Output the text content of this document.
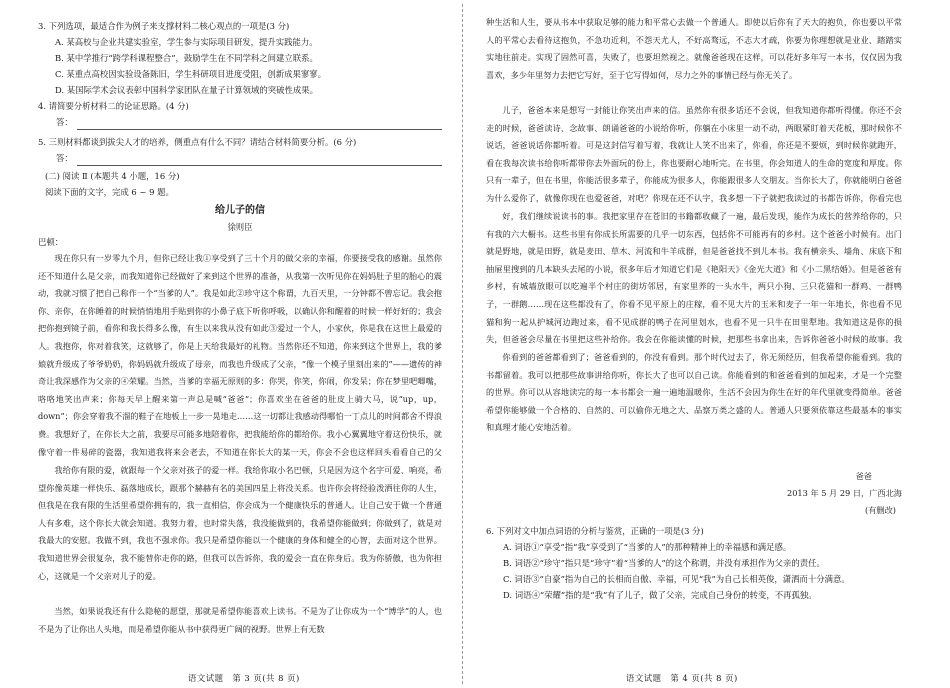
3. 下列选项，最适合作为例子来支撑材料二核心观点的一项是(3 分)
A. 某高校与企业共建实验室，学生参与实际项目研发，提升实践能力。
B. 某中学推行“跨学科课程整合”，鼓励学生在不同学科之间建立联系。
C. 某重点高校因实验设备陈旧，学生科研项目进度受阻，创新成果寥寥。
D. 某国际学术会议表彰中国科学家团队在量子计算领域的突破性成果。
4. 请简要分析材料二的论证思路。(4 分)
答：
5. 三则材料都谈到拔尖人才的培养，侧重点有什么不同？请结合材料简要分析。(6 分)
答：
(二) 阅读 Ⅱ (本题共 4 小题，16 分)
阅读下面的文字，完成 6 ~ 9 题。
给儿子的信
徐则臣
巴顿：

现在你只有一岁零九个月，但你已经让我①享受到了三十个月的做父亲的幸福，你要接受我的感谢。虽然你还不知道什么是父亲，而我知道你已经做好了来到这个世界的准备，从我第一次听见你在妈妈肚子里的胎心的震动，我就习惯了把自己称作一个“当爹的人”。我是如此②珍守这个称谓，九百天里，一分钟都不曾忘记。我会抱你、亲你，在你睡着的时候悄悄地用手贴到你的小鼻子底下听你呼吸，以确认你和醒着的时候一样好好的；我会把你抱到镜子前，看你和我长得多么像，有生以来我从没有如此③爱过一个人，小家伙，你是我在这世上最爱的人。我抱你，你对着我笑，这就够了，你是上天给我最好的礼物。当然你还不知道，你来到这个世界上，我的爹娘就升级成了爷爷奶奶，你妈妈就升级成了母亲，而我也升级成了父亲，“像一个模子里刻出来的”——遗传的神奇让我深感作为父亲的④荣耀。当然，当爹的幸福无原则的多：你哭，你笑，你闹，你发呆；你在梦里吧唧嘴，咯咯地笑出声来；你每天早上醒来第一声总是喊“爸爸”；你喜欢坐在爸爸的肚皮上骑大马，说“up，up，down”；你会穿着我不溜的鞋子在地板上一步一晃地走……这一切都让我感动得哪怕一丁点儿的时间都舍不得浪费。我想好了，在你长大之前，我要尽可能多地陪着你，把我能给你的都给你。我小心翼翼地守着这份快乐，就像守着一件易碎的瓷器，我知道我将来会老去，不知道在你长大的某一天，你会不会也这样回头看看自己的父

我给你有限的爱，就跟每一个父亲对孩子的爱一样。我给你取小名巴顿，只是因为这个名字可爱、响亮，希望你像英雄一样快乐、磊落地成长，跟那个赫赫有名的美国四星上将没关系。也许你会将经验泼洒往你的人生，但我是在我有限的生活里希望你拥有的，我一直相信，你会成为一个健康快乐的普通人。让自己安于做一个普通人有多难，这个你长大就会知道。我努力着，也时常失落，我没能做到的，我希望你能做到；你做到了，就是对我最大的安慰。我做不到，我也不强求你。我只是希望你能以一个健康的身体和健全的心智，去面对这个世界。我知道世界会很复杂，我不能替你走你的路，但我可以告诉你，我的爱会一直在你身后。我为你骄傲，也为你担心，这就是一个父亲对儿子的爱。

当然，如果说我还有什么隐秘的愿望，那就是希望你能喜欢上读书。不是为了让你成为一个“博学”的人，也不是为了让你出人头地，而是希望你能从书中获得更广阔的视野。世界上有无数

语文试题　第 3 页(共 8 页)

种生活和人生，要从书本中获取足够的能力和平常心去做一个普通人。即使以后你有了天大的抱负，你也要以平常人的平常心去看待这抱负，不急功近利，不怨天尤人，不好高骛远，不志大才疏，你要为你理想就是业业、踏踏实实地往前走。实现了固然可喜，失败了，也要坦然视之。就像爸爸现在这样，可以花好多年写一本书，仅仅因为我喜欢，多少年里努力去把它写好，至于它写得如何，尽力之外的事情已经与你无关了。

儿子，爸爸本来是想写一封能让你笑出声来的信。虽然你有很多话还不会说，但我知道你都听得懂。你还不会走的时候，爸爸读诗、念故事、朗诵爸爸的小说给你听，你躺在小床里一动不动，两眼紧盯着天花板，那时候你不说话，爸爸说话你都听着。可是这封信写着写着，我就让人笑不出来了，你看，你还是不要烦，到时候你就跑开，看在我每次读书给你听都带你去外面玩的份上，你也要耐心地听完。在书里，你会知道人的生命的宽度和厚度。你只有一辈子，但在书里，你能活很多辈子，你能成为很多人，你能跟很多人交朋友。当你长大了，你就能明白爸爸为什么爱你了，就像你现在也爱爸爸，对吧？你现在还不认字，我多想一下子就把我读过的书都告诉你，你看完也

好，我们继续说读书的事。我把家里存在苍旧的书籍都收藏了一遍，最后发现，能作为成长的营养给你的，只有我的六大橱书。这些书里有你成长所需要的几乎一切东西，包括你不可能再有的乡村。这个爸爸小时候有。出门就是野地，就是田野，就是麦田、草木、河流和牛羊成群，但是爸爸找不到儿本书。我有横亲头、墙角、床底下和抽屉里搜到的几本缺头去尾的小说，很多年后才知道它们是《艳阳天》《金光大道》和《小二黑结婚》。但是爸爸有乡村，有城墙放眼可以吃遍半个村庄的街坊邻居，有家里养的一头水牛，两只小狗、三只花猫和一群鸡、一群鸭子，一群鹅……现在这些都没有了，你看不见平原上的庄稼，看不见大片的玉米和麦子一年一年地长，你也看不见猫和狗一起从护城河边跑过来，看不见成群的鸭子在河里划水，也看不见一只牛在田里犁地。我知道这是你的损失，但爸爸会尽量在书里把这些补给你。我会在你能读懂的时候，把那些书拿出来，告诉你爸爸小时候的故事。我

你看到的爸爸都看到了；爸爸看到的，你没有看到。那个时代过去了，你无须经历，但我希望你能看到。我的书都留着。我可以把那些故事讲给你听，你长大了也可以自己读。你能看到的和爸爸看到的加起来，才是一个完整的世界。你可以从容地读完的每一本书都会一遍一遍地温暖你，生活不会因为你生在好的年代里就变得简单。爸爸希望你能够做一个合格的、自然的、可以偷你无地之大、品察万类之盛的人。普通人只要须依靠这些最基本的事实和真理才能心安地活着。

爸爸
2013 年 5 月 29 日，广西北海
(有删改)
6. 下列对文中加点词语的分析与鉴赏，正确的一项是(3 分)
A. 词语①“享受”指“我”享受到了“当爹的人”的那种精神上的幸福感和满足感。
B. 词语②“珍守”指只是“珍守”着“当爹的人”的这个称谓，并没有承担作为父亲的责任。
C. 词语③“自豪”指为自己的长相而自傲、幸福，可见“我”为自己长相英俊，潇洒而十分满意。
D. 词语④“荣耀”指的是“我”有了儿子，做了父亲，完成自己身份的转变，不再孤独。
语文试题　第 4 页(共 8 页)
